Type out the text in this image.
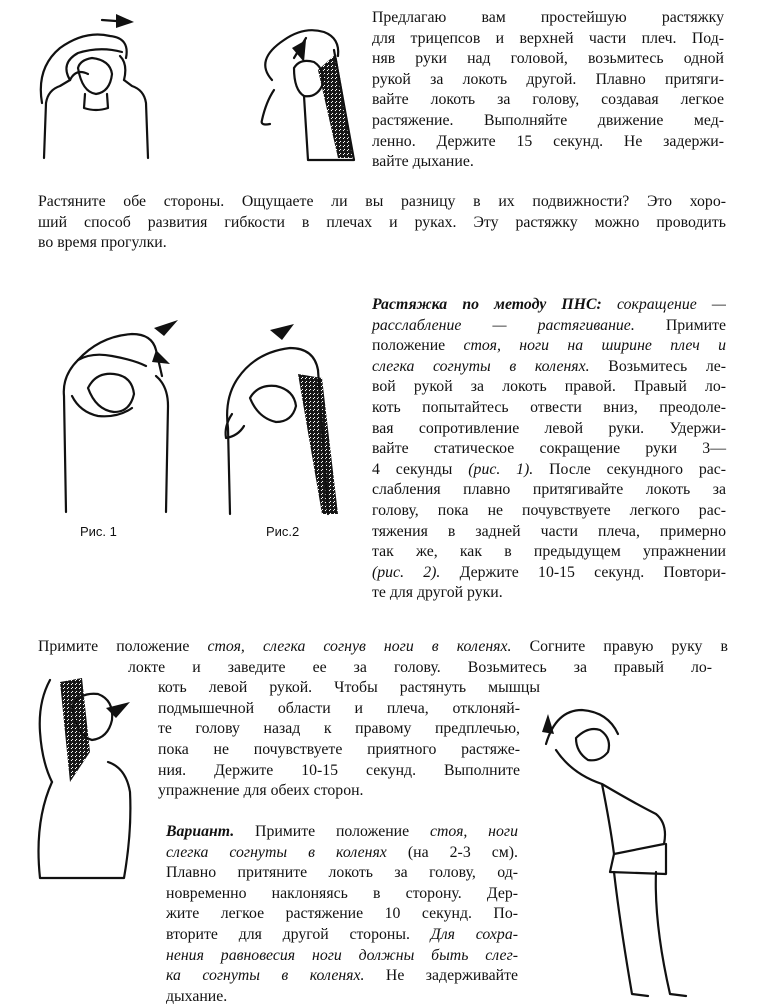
Предлагаю вам простейшую растяжку
для трицепсов и верхней части плеч. Под-
няв руки над головой, возьмитесь одной
рукой за локоть другой. Плавно притяги-
вайте локоть за голову, создавая легкое
растяжение. Выполняйте движение мед-
ленно. Держите 15 секунд. Не задержи-
вайте дыхание.
Растяните обе стороны. Ощущаете ли вы разницу в их подвижности? Это хоро-
ший способ развития гибкости в плечах и руках. Эту растяжку можно проводить
во время прогулки.
Растяжка по методу ПНС: сокращение —
расслабление — растягивание. Примите
положение стоя, ноги на ширине плеч и
слегка согнуты в коленях. Возьмитесь ле-
вой рукой за локоть правой. Правый ло-
коть попытайтесь отвести вниз, преодоле-
вая сопротивление левой руки. Удержи-
вайте статическое сокращение руки 3—
4 секунды (рис. 1). После секундного рас-
слабления плавно притягивайте локоть за
голову, пока не почувствуете легкого рас-
тяжения в задней части плеча, примерно
так же, как в предыдущем упражнении
(рис. 2). Держите 10-15 секунд. Повтори-
те для другой руки.
Рис. 1	Рис.2
Примите положение стоя, слегка согнув ноги в коленях. Согните правую руку в
локте и заведите ее за голову. Возьмитесь за правый ло-
коть левой рукой. Чтобы растянуть мышцы
подмышечной области и плеча, отклоняй-
те голову назад к правому предплечью,
пока не почувствуете приятного растяже-
ния. Держите 10-15 секунд. Выполните
упражнение для обеих сторон.
Вариант. Примите положение стоя, ноги
слегка согнуты в коленях (на 2-3 см).
Плавно притяните локоть за голову, од-
новременно наклоняясь в сторону. Дер-
жите легкое растяжение 10 секунд. По-
вторите для другой стороны. Для сохра-
нения равновесия ноги должны быть слег-
ка согнуты в коленях. Не задерживайте
дыхание.
